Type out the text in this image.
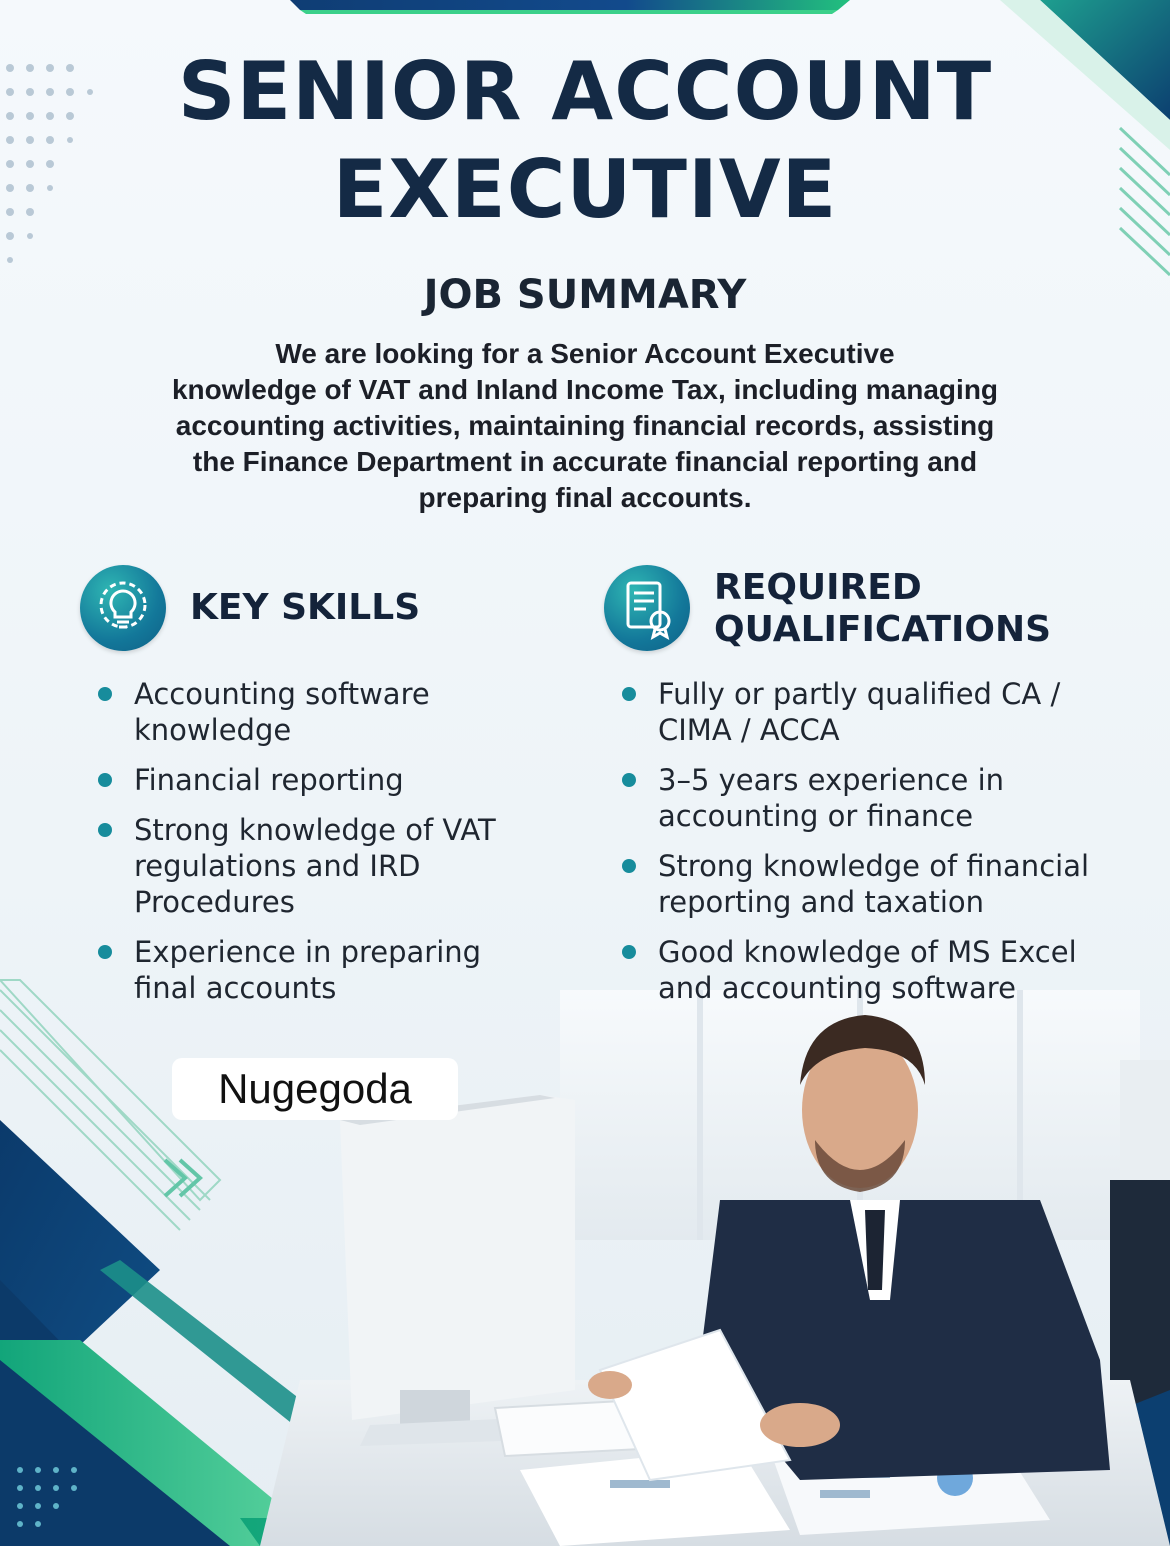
SENIOR ACCOUNT
EXECUTIVE
JOB SUMMARY
We are looking for a Senior Account Executive
knowledge of VAT and Inland Income Tax, including managing
accounting activities, maintaining financial records, assisting
the Finance Department in accurate financial reporting and
preparing final accounts.
KEY SKILLS
Accounting software knowledge
Financial reporting
Strong knowledge of VAT regulations and IRD Procedures
Experience in preparing final accounts
REQUIRED
QUALIFICATIONS
Fully or partly qualified CA / CIMA / ACCA
3–5 years experience in accounting or finance
Strong knowledge of financial reporting and taxation
Good knowledge of MS Excel and accounting software
Nugegoda
